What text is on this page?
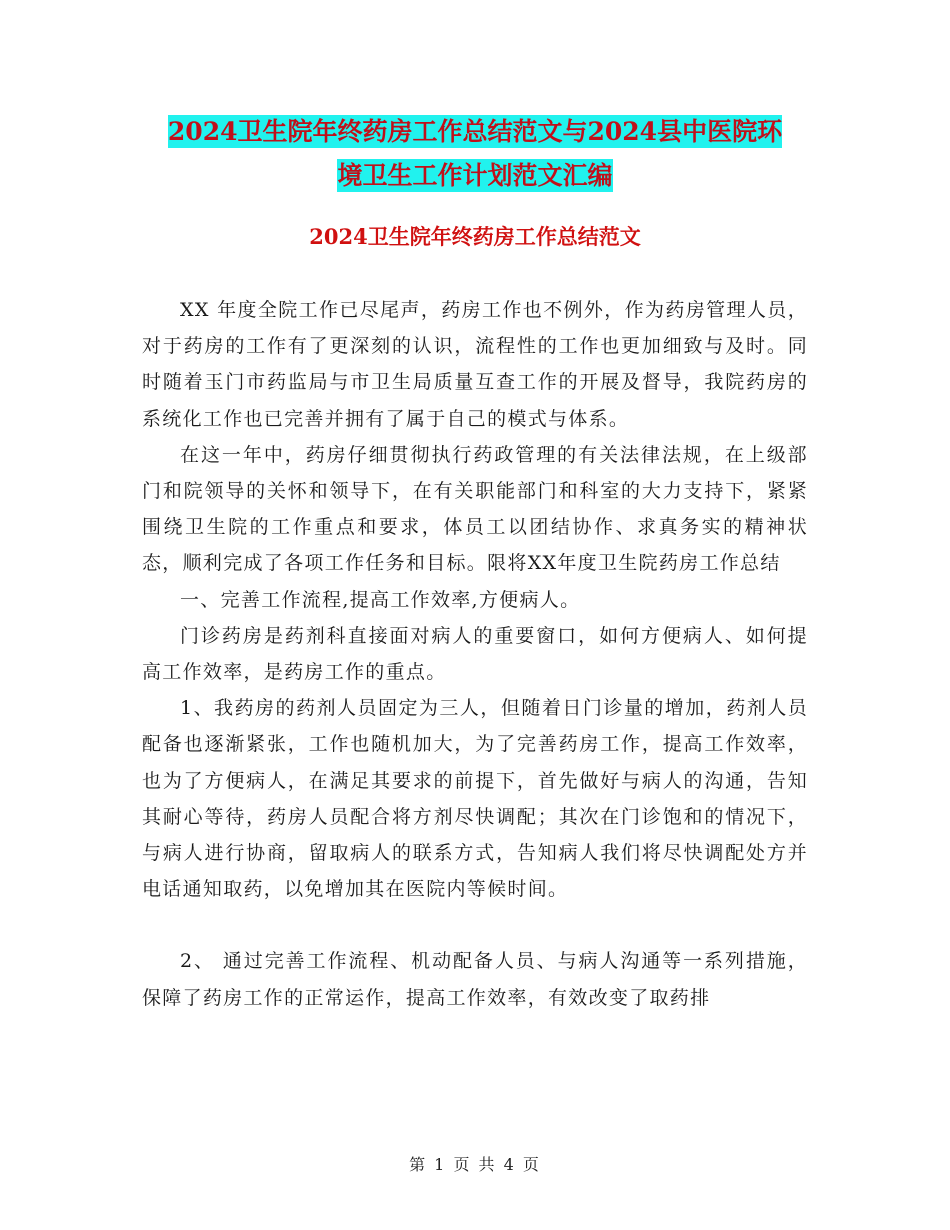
2024卫生院年终药房工作总结范文与2024县中医院环
境卫生工作计划范文汇编
2024卫生院年终药房工作总结范文

XX 年度全院工作已尽尾声，药房工作也不例外，作为药房管理人员，对于药房的工作有了更深刻的认识，流程性的工作也更加细致与及时。同时随着玉门市药监局与市卫生局质量互查工作的开展及督导，我院药房的系统化工作也已完善并拥有了属于自己的模式与体系。

在这一年中，药房仔细贯彻执行药政管理的有关法律法规，在上级部门和院领导的关怀和领导下，在有关职能部门和科室的大力支持下，紧紧围绕卫生院的工作重点和要求，体员工以团结协作、求真务实的精神状态，顺利完成了各项工作任务和目标。限将XX年度卫生院药房工作总结

一、完善工作流程,提高工作效率,方便病人。

门诊药房是药剂科直接面对病人的重要窗口，如何方便病人、如何提高工作效率，是药房工作的重点。

1、我药房的药剂人员固定为三人，但随着日门诊量的增加，药剂人员配备也逐渐紧张，工作也随机加大，为了完善药房工作，提高工作效率，也为了方便病人，在满足其要求的前提下，首先做好与病人的沟通，告知其耐心等待，药房人员配合将方剂尽快调配；其次在门诊饱和的情况下，与病人进行协商，留取病人的联系方式，告知病人我们将尽快调配处方并电话通知取药，以免增加其在医院内等候时间。

2、 通过完善工作流程、机动配备人员、与病人沟通等一系列措施，保障了药房工作的正常运作，提高工作效率，有效改变了取药排

第 1 页 共 4 页
